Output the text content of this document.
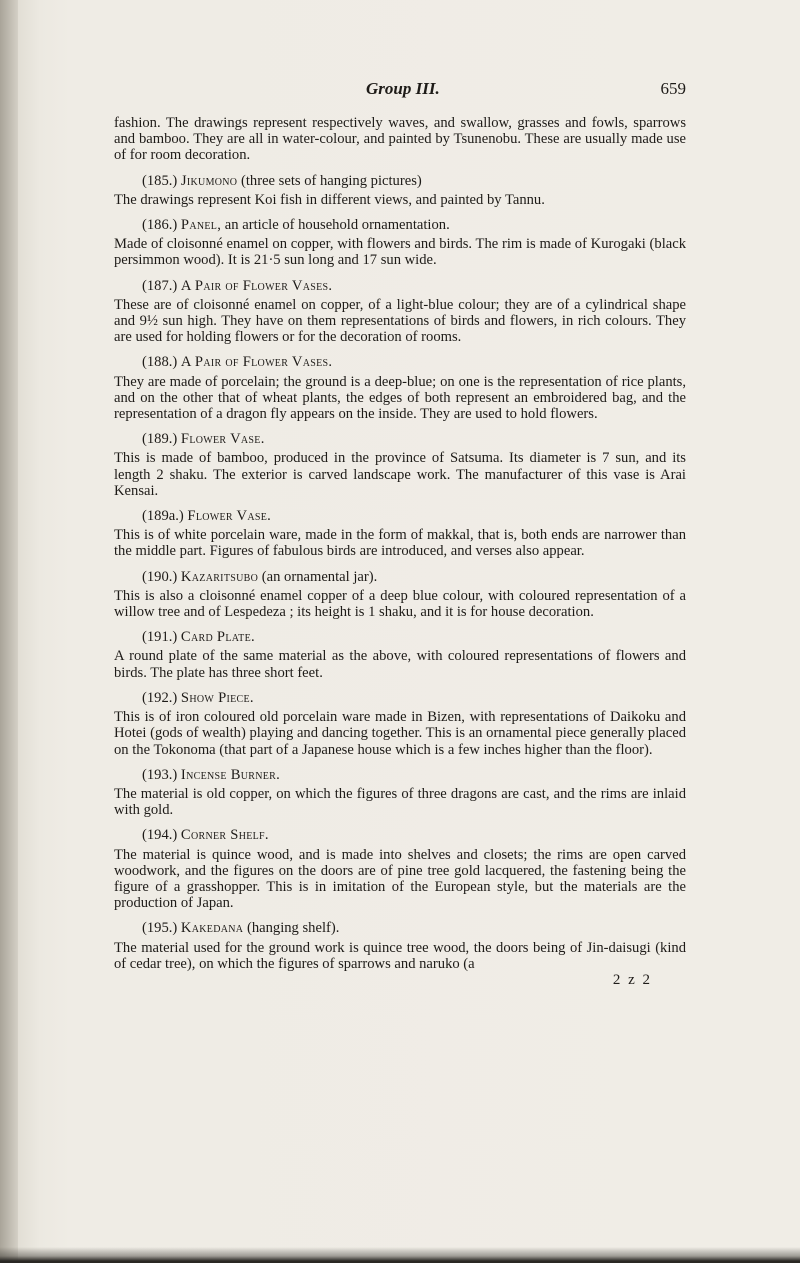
Group III.	659

fashion. The drawings represent respectively waves, and swallow, grasses and fowls, sparrows and bamboo. They are all in water-colour, and painted by Tsunenobu. These are usually made use of for room decoration.

(185.) Jikumono (three sets of hanging pictures)

The drawings represent Koi fish in different views, and painted by Tannu.

(186.) Panel, an article of household ornamentation.

Made of cloisonné enamel on copper, with flowers and birds. The rim is made of Kurogaki (black persimmon wood). It is 21·5 sun long and 17 sun wide.

(187.) A Pair of Flower Vases.

These are of cloisonné enamel on copper, of a light-blue colour; they are of a cylindrical shape and 9½ sun high. They have on them representations of birds and flowers, in rich colours. They are used for holding flowers or for the decoration of rooms.

(188.) A Pair of Flower Vases.

They are made of porcelain; the ground is a deep-blue; on one is the representation of rice plants, and on the other that of wheat plants, the edges of both represent an embroidered bag, and the representation of a dragon fly appears on the inside. They are used to hold flowers.

(189.) Flower Vase.

This is made of bamboo, produced in the province of Satsuma. Its diameter is 7 sun, and its length 2 shaku. The exterior is carved landscape work. The manufacturer of this vase is Arai Kensai.

(189a.) Flower Vase.

This is of white porcelain ware, made in the form of makkal, that is, both ends are narrower than the middle part. Figures of fabulous birds are introduced, and verses also appear.

(190.) Kazaritsubo (an ornamental jar).

This is also a cloisonné enamel copper of a deep blue colour, with coloured representation of a willow tree and of Lespedeza ; its height is 1 shaku, and it is for house decoration.

(191.) Card Plate.

A round plate of the same material as the above, with coloured representations of flowers and birds. The plate has three short feet.

(192.) Show Piece.

This is of iron coloured old porcelain ware made in Bizen, with representations of Daikoku and Hotei (gods of wealth) playing and dancing together. This is an ornamental piece generally placed on the Tokonoma (that part of a Japanese house which is a few inches higher than the floor).

(193.) Incense Burner.

The material is old copper, on which the figures of three dragons are cast, and the rims are inlaid with gold.

(194.) Corner Shelf.

The material is quince wood, and is made into shelves and closets; the rims are open carved woodwork, and the figures on the doors are of pine tree gold lacquered, the fastening being the figure of a grasshopper. This is in imitation of the European style, but the materials are the production of Japan.

(195.) Kakedana (hanging shelf).

The material used for the ground work is quince tree wood, the doors being of Jin-daisugi (kind of cedar tree), on which the figures of sparrows and naruko (a

2 z 2
